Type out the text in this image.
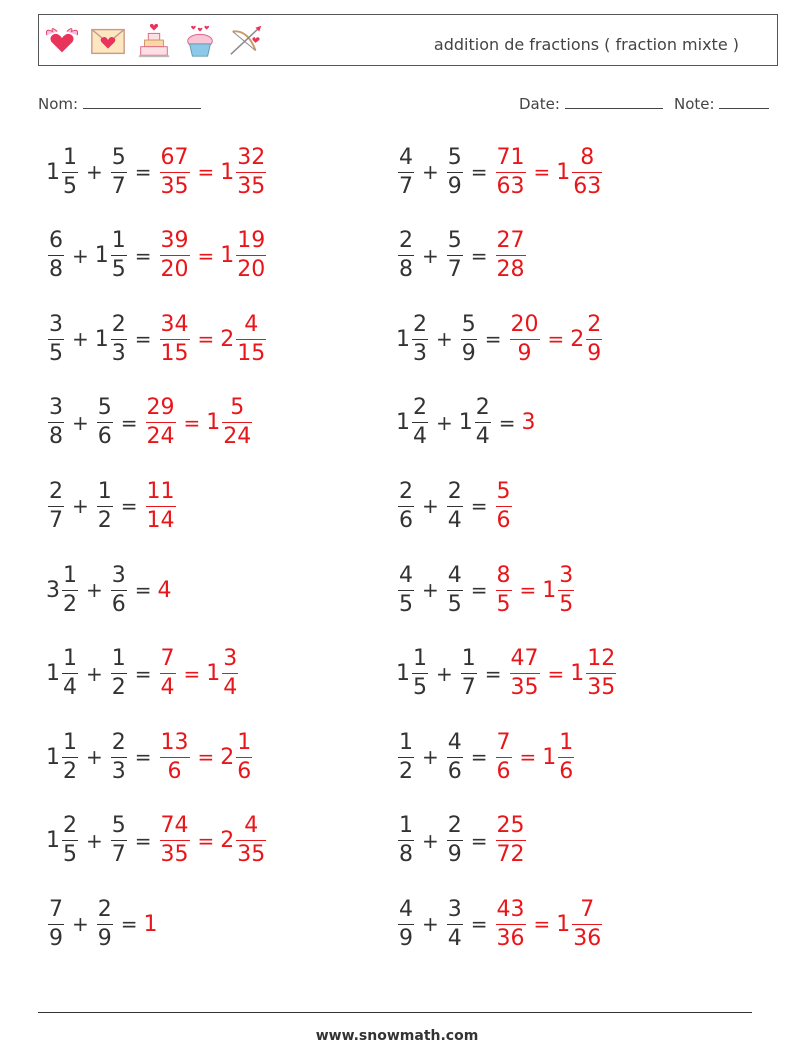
addition de fractions ( fraction mixte )
Nom:	Date:	Note:
$1 \frac{1}{5} + \frac{5}{7} = \frac{67}{35} = 1 \frac{32}{35}$	$\frac{4}{7} + \frac{5}{9} = \frac{71}{63} = 1 \frac{8}{63}$
$\frac{6}{8} + 1 \frac{1}{5} = \frac{39}{20} = 1 \frac{19}{20}$	$\frac{2}{8} + \frac{5}{7} = \frac{27}{28}$
$\frac{3}{5} + 1 \frac{2}{3} = \frac{34}{15} = 2 \frac{4}{15}$	$1 \frac{2}{3} + \frac{5}{9} = \frac{20}{9} = 2 \frac{2}{9}$
$\frac{3}{8} + \frac{5}{6} = \frac{29}{24} = 1 \frac{5}{24}$	$1 \frac{2}{4} + 1 \frac{2}{4} = 3$
$\frac{2}{7} + \frac{1}{2} = \frac{11}{14}$	$\frac{2}{6} + \frac{2}{4} = \frac{5}{6}$
$3 \frac{1}{2} + \frac{3}{6} = 4$	$\frac{4}{5} + \frac{4}{5} = \frac{8}{5} = 1 \frac{3}{5}$
$1 \frac{1}{4} + \frac{1}{2} = \frac{7}{4} = 1 \frac{3}{4}$	$1 \frac{1}{5} + \frac{1}{7} = \frac{47}{35} = 1 \frac{12}{35}$
$1 \frac{1}{2} + \frac{2}{3} = \frac{13}{6} = 2 \frac{1}{6}$	$\frac{1}{2} + \frac{4}{6} = \frac{7}{6} = 1 \frac{1}{6}$
$1 \frac{2}{5} + \frac{5}{7} = \frac{74}{35} = 2 \frac{4}{35}$	$\frac{1}{8} + \frac{2}{9} = \frac{25}{72}$
$\frac{7}{9} + \frac{2}{9} = 1$	$\frac{4}{9} + \frac{3}{4} = \frac{43}{36} = 1 \frac{7}{36}$
www.snowmath.com
